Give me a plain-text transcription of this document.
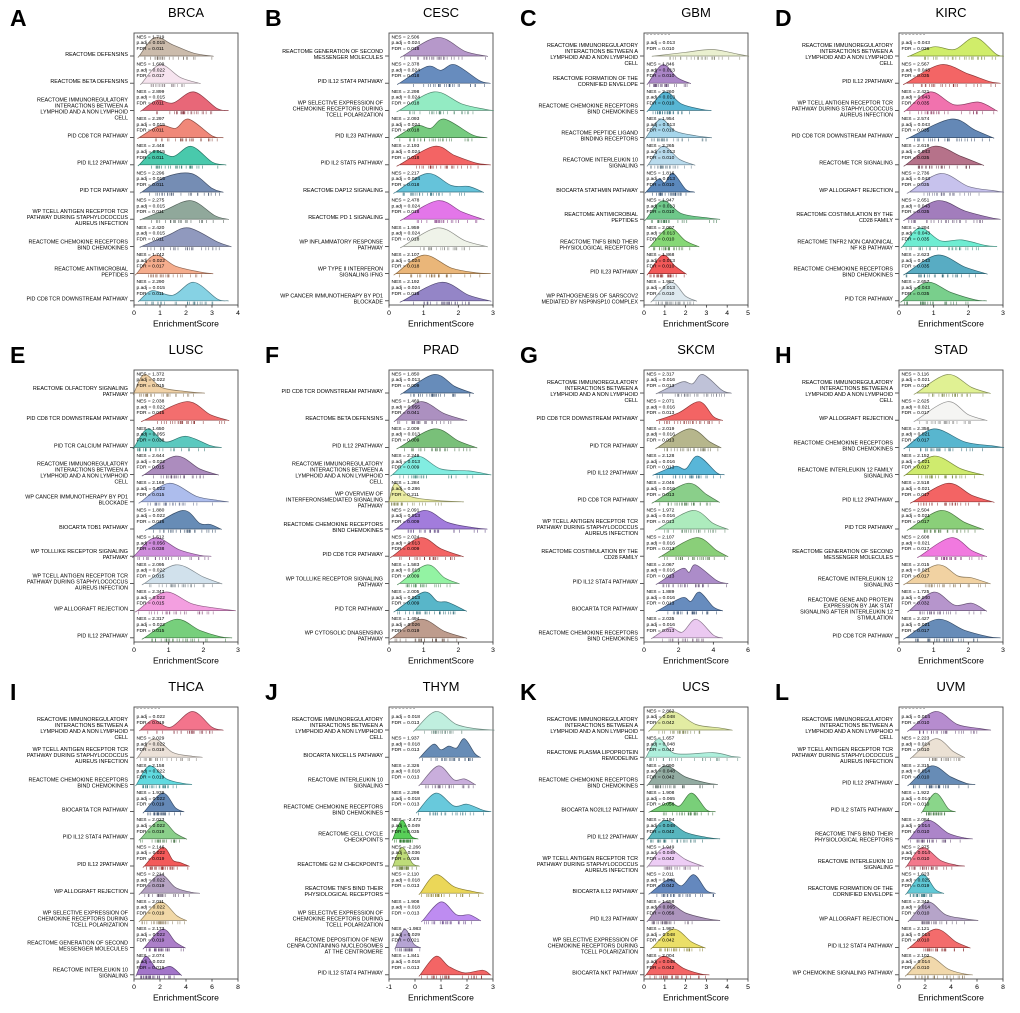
A	BRCA
NES = 1.719
p.adj = 0.015
FDR = 0.011
REACTOME DEFENSINS
NES = 1.609
p.adj = 0.022
FDR = 0.017
REACTOME BETA DEFENSINS
NES = 2.899
p.adj = 0.015
FDR = 0.011
REACTOME IMMUNOREGULATORY
INTERACTIONS BETWEEN A
LYMPHOID AND A NON LYMPHOID
CELL NES = 2.297
p.adj = 0.015
FDR = 0.011
PID CD8 TCR PATHWAY
NES = 2.448
p.adj = 0.015
FDR = 0.011
PID IL12 2PATHWAY
NES = 2.296
p.adj = 0.015
FDR = 0.011
PID TCR PATHWAY
NES = 2.275
p.adj = 0.015
FDR = 0.011
WP TCELL ANTIGEN RECEPTOR TCR
PATHWAY DURING STAPHYLOCOCCUS
AUREUS INFECTION
NES = 2.420
p.adj = 0.015
FDR = 0.011
REACTOME CHEMOKINE RECEPTORS
BIND CHEMOKINES
NES = 1.742
p.adj = 0.022
FDR = 0.017
REACTOME ANTIMICROBIAL
PEPTIDES
NES = 2.290
p.adj = 0.015
FDR = 0.011
PID CD8 TCR DOWNSTREAM PATHWAY
0	1	2	3	4
EnrichmentScore
B	CESC
NES = 2.506
p.adj = 0.024
FDR = 0.018
REACTOME GENERATION OF SECOND
MESSENGER MOLECULES
NES = 2.378
p.adj = 0.024
FDR = 0.018
PID IL12 STAT4 PATHWAY
NES = 2.298
p.adj = 0.024
FDR = 0.018
WP SELECTIVE EXPRESSION OF
CHEMOKINE RECEPTORS DURING
TCELL POLARIZATION
NES = 2.093
p.adj = 0.024
FDR = 0.018
PID IL23 PATHWAY
NES = 2.193
p.adj = 0.024
FDR = 0.018
PID IL2 STAT5 PATHWAY
NES = 2.217
p.adj = 0.024
FDR = 0.018
REACTOME DAP12 SIGNALING
NES = 2.478
p.adj = 0.024
FDR = 0.018
REACTOME PD 1 SIGNALING
NES = 1.959
p.adj = 0.024
FDR = 0.018
WP INFLAMMATORY RESPONSE
PATHWAY
NES = 2.107
p.adj = 0.024
FDR = 0.018
WP TYPE II INTERFERON
SIGNALING IFNG
NES = 2.192
p.adj = 0.024
FDR = 0.018
WP CANCER IMMUNOTHERAPY BY PD1
BLOCKADE
0	1	2	3
EnrichmentScore
C	GBM
p.adj = 0.013
FDR = 0.010
REACTOME IMMUNOREGULATORY
INTERACTIONS BETWEEN A
LYMPHOID AND A NON LYMPHOID
CELL NES = 1.846
p.adj = 0.013
FDR = 0.010
REACTOME FORMATION OF THE
CORNIFIED ENVELOPE
NES = 2.260
p.adj = 0.013
FDR = 0.010
REACTOME CHEMOKINE RECEPTORS
BIND CHEMOKINES
NES = 1.954
p.adj = 0.013
FDR = 0.010
REACTOME PEPTIDE LIGAND
BINDING RECEPTORS
NES = 2.265
p.adj = 0.013
FDR = 0.010
REACTOME INTERLEUKIN 10
SIGNALING
NES = 1.816
p.adj = 0.013
FDR = 0.010
BIOCARTA STATHMIN PATHWAY
NES = 1.947
p.adj = 0.013
FDR = 0.010
REACTOME ANTIMICROBIAL
PEPTIDES
NES = 2.007
p.adj = 0.013
FDR = 0.010
REACTOME TNFS BIND THEIR
PHYSIOLOGICAL RECEPTORS
NES = 1.868
p.adj = 0.013
FDR = 0.010
PID IL23 PATHWAY
NES = 1.987
p.adj = 0.013
FDR = 0.010
WP PATHOGENESIS OF SARSCOV2
MEDIATED BY NSP9NSP10 COMPLEX
0	1	2	3	4	5
EnrichmentScore
D	KIRC
p.adj = 0.043
FDR = 0.036
REACTOME IMMUNOREGULATORY
INTERACTIONS BETWEEN A
LYMPHOID AND A NON LYMPHOID
CELL NES = 2.567
p.adj = 0.043
FDR = 0.035
PID IL12 2PATHWAY
NES = 2.421
p.adj = 0.043
FDR = 0.035
WP TCELL ANTIGEN RECEPTOR TCR
PATHWAY DURING STAPHYLOCOCCUS
AUREUS INFECTION
NES = 2.574
p.adj = 0.043
FDR = 0.035
PID CD8 TCR DOWNSTREAM PATHWAY
NES = 2.619
p.adj = 0.043
FDR = 0.035
REACTOME TCR SIGNALING
NES = 2.736
p.adj = 0.043
FDR = 0.035
WP ALLOGRAFT REJECTION
NES = 2.651
p.adj = 0.043
FDR = 0.035
REACTOME COSTIMULATION BY THE
CD28 FAMILY
NES = 2.294
p.adj = 0.043
FDR = 0.035
REACTOME TNFR2 NON CANONICAL
NF KB PATHWAY
NES = 2.623
p.adj = 0.043
FDR = 0.035
REACTOME CHEMOKINE RECEPTORS
BIND CHEMOKINES
NES = 2.657
p.adj = 0.043
FDR = 0.035
PID TCR PATHWAY
0	1	2	3
EnrichmentScore
E	LUSC
NES = 1.372
p.adj = 0.022
FDR = 0.015
REACTOME OLFACTORY SIGNALING
PATHWAY
NES = 2.038
p.adj = 0.022
FDR = 0.015
PID CD8 TCR DOWNSTREAM PATHWAY
NES = 1.650
p.adj = 0.055
FDR = 0.038
PID TCR CALCIUM PATHWAY
NES = 2.644
p.adj = 0.022
FDR = 0.015
REACTOME IMMUNOREGULATORY
INTERACTIONS BETWEEN A
LYMPHOID AND A NON LYMPHOID
CELL NES = 2.168
p.adj = 0.022
FDR = 0.015
WP CANCER IMMUNOTHERAPY BY PD1
BLOCKADE
NES = 1.880
p.adj = 0.022
FDR = 0.016
BIOCARTA TOB1 PATHWAY
NES = 1.512
p.adj = 0.056
FDR = 0.038
WP TOLLLIKE RECEPTOR SIGNALING
PATHWAY
NES = 2.095
p.adj = 0.022
FDR = 0.015
WP TCELL ANTIGEN RECEPTOR TCR
PATHWAY DURING STAPHYLOCOCCUS
AUREUS INFECTION
NES = 2.343
p.adj = 0.022
FDR = 0.015
WP ALLOGRAFT REJECTION
NES = 2.317
p.adj = 0.022
FDR = 0.015
PID IL12 2PATHWAY
0	1	2	3
EnrichmentScore
F	PRAD
NES = 1.850
p.adj = 0.013
FDR = 0.009
PID CD8 TCR DOWNSTREAM PATHWAY
NES = 1.469
p.adj = 0.055
FDR = 0.041
REACTOME BETA DEFENSINS
NES = 2.009
p.adj = 0.013
FDR = 0.009
PID IL12 2PATHWAY
NES = 2.249
p.adj = 0.013
FDR = 0.009
REACTOME IMMUNOREGULATORY
INTERACTIONS BETWEEN A
LYMPHOID AND A NON LYMPHOID
CELL NES = 1.284
p.adj = 0.286
FDR = 0.211
WP OVERVIEW OF
INTERFERONSMEDIATED SIGNALING
PATHWAY
NES = 2.091
p.adj = 0.013
FDR = 0.009
REACTOME CHEMOKINE RECEPTORS
BIND CHEMOKINES
NES = 2.024
p.adj = 0.013
FDR = 0.009
PID CD8 TCR PATHWAY
NES = 1.583
p.adj = 0.013
FDR = 0.009
WP TOLLLIKE RECEPTOR SIGNALING
PATHWAY
NES = 2.005
p.adj = 0.013
FDR = 0.009
PID TCR PATHWAY
NES = 1.494
p.adj = 0.026
FDR = 0.019
WP CYTOSOLIC DNASENSING
PATHWAY
0	1	2	3
EnrichmentScore
G	SKCM
NES = 2.317
p.adj = 0.016
FDR = 0.013
REACTOME IMMUNOREGULATORY
INTERACTIONS BETWEEN A
LYMPHOID AND A NON LYMPHOID
CELL NES = 2.071
p.adj = 0.016
FDR = 0.013
PID CD8 TCR DOWNSTREAM PATHWAY
NES = 2.019
p.adj = 0.016
FDR = 0.013
PID TCR PATHWAY
NES = 2.128
p.adj = 0.016
FDR = 0.013
PID IL12 2PATHWAY
NES = 2.046
p.adj = 0.016
FDR = 0.013
PID CD8 TCR PATHWAY
NES = 1.972
p.adj = 0.016
FDR = 0.013
WP TCELL ANTIGEN RECEPTOR TCR
PATHWAY DURING STAPHYLOCOCCUS
AUREUS INFECTION
NES = 2.107
p.adj = 0.016
FDR = 0.013
REACTOME COSTIMULATION BY THE
CD28 FAMILY
NES = 2.067
p.adj = 0.016
FDR = 0.013
PID IL12 STAT4 PATHWAY
NES = 1.889
p.adj = 0.016
FDR = 0.013
BIOCARTA TCR PATHWAY
NES = 2.035
p.adj = 0.016
FDR = 0.013
REACTOME CHEMOKINE RECEPTORS
BIND CHEMOKINES
0	2	4	6
EnrichmentScore
H	STAD
NES = 3.116
p.adj = 0.021
FDR = 0.017
REACTOME IMMUNOREGULATORY
INTERACTIONS BETWEEN A
LYMPHOID AND A NON LYMPHOID
CELL NES = 2.625
p.adj = 0.021
FDR = 0.017
WP ALLOGRAFT REJECTION
NES = 2.358
p.adj = 0.021
FDR = 0.017
REACTOME CHEMOKINE RECEPTORS
BIND CHEMOKINES
NES = 2.152
p.adj = 0.021
FDR = 0.017
REACTOME INTERLEUKIN 12 FAMILY
SIGNALING
NES = 2.518
p.adj = 0.021
FDR = 0.017
PID IL12 2PATHWAY
NES = 2.504
p.adj = 0.021
FDR = 0.017
PID TCR PATHWAY
NES = 2.608
p.adj = 0.021
FDR = 0.017
REACTOME GENERATION OF SECOND
MESSENGER MOLECULES
NES = 2.015
p.adj = 0.021
FDR = 0.017
REACTOME INTERLEUKIN 12
SIGNALING
NES = 1.725
p.adj = 0.040
FDR = 0.032
REACTOME GENE AND PROTEIN
EXPRESSION BY JAK STAT
SIGNALING AFTER INTERLEUKIN 12
STIMULATION NES = 2.427
p.adj = 0.021
FDR = 0.017
PID CD8 TCR PATHWAY
0	1	2	3
EnrichmentScore
I	THCA
p.adj = 0.022
FDR = 0.019
REACTOME IMMUNOREGULATORY
INTERACTIONS BETWEEN A
LYMPHOID AND A NON LYMPHOID
CELL NES = 2.029
p.adj = 0.022
FDR = 0.019
WP TCELL ANTIGEN RECEPTOR TCR
PATHWAY DURING STAPHYLOCOCCUS
AUREUS INFECTION
NES = 2.158
p.adj = 0.022
FDR = 0.019
REACTOME CHEMOKINE RECEPTORS
BIND CHEMOKINES
NES = 1.939
p.adj = 0.022
FDR = 0.019
BIOCARTA TCR PATHWAY
NES = 2.023
p.adj = 0.022
FDR = 0.019
PID IL12 STAT4 PATHWAY
NES = 2.146
p.adj = 0.022
FDR = 0.019
PID IL12 2PATHWAY
NES = 2.214
p.adj = 0.022
FDR = 0.019
WP ALLOGRAFT REJECTION
NES = 2.011
p.adj = 0.022
FDR = 0.019
WP SELECTIVE EXPRESSION OF
CHEMOKINE RECEPTORS DURING
TCELL POLARIZATION
NES = 2.173
p.adj = 0.022
FDR = 0.019
REACTOME GENERATION OF SECOND
MESSENGER MOLECULES
NES = 2.074
p.adj = 0.022
FDR = 0.019
REACTOME INTERLEUKIN 10
SIGNALING
0	2	4	6	8
EnrichmentScore
J	THYM
p.adj = 0.018
FDR = 0.013
REACTOME IMMUNOREGULATORY
INTERACTIONS BETWEEN A
LYMPHOID AND A NON LYMPHOID
CELL NES = 1.937
p.adj = 0.018
FDR = 0.013
BIOCARTA NKCELLS PATHWAY
NES = 2.326
p.adj = 0.018
FDR = 0.013
REACTOME INTERLEUKIN 10
SIGNALING
NES = 2.298
p.adj = 0.018
FDR = 0.013
REACTOME CHEMOKINE RECEPTORS
BIND CHEMOKINES
NES = -2.472
p.adj = 0.049
FDR = 0.035
REACTOME CELL CYCLE
CHECKPOINTS
NES = -2.266
p.adj = 0.036
FDR = 0.026
REACTOME G2 M CHECKPOINTS
NES = 2.110
p.adj = 0.018
FDR = 0.013
REACTOME TNFS BIND THEIR
PHYSIOLOGICAL RECEPTORS
NES = 1.908
p.adj = 0.018
FDR = 0.013
WP SELECTIVE EXPRESSION OF
CHEMOKINE RECEPTORS DURING
TCELL POLARIZATION
NES = -1.983
p.adj = 0.029
FDR = 0.021
REACTOME DEPOSITION OF NEW
CENPA CONTAINING NUCLEOSOMES
AT THE CENTROMERE
NES = 1.841
p.adj = 0.018
FDR = 0.013
PID IL12 STAT4 PATHWAY
-1	0	1	2	3
EnrichmentScore
K	UCS
NES = 2.862
p.adj = 0.048
FDR = 0.042
REACTOME IMMUNOREGULATORY
INTERACTIONS BETWEEN A
LYMPHOID AND A NON LYMPHOID
CELL NES = 1.657
p.adj = 0.048
FDR = 0.042
REACTOME PLASMA LIPOPROTEIN
REMODELING
NES = 2.090
p.adj = 0.048
FDR = 0.042
REACTOME CHEMOKINE RECEPTORS
BIND CHEMOKINES
NES = 1.908
p.adj = 0.065
FDR = 0.056
BIOCARTA NO2IL12 PATHWAY
NES = 2.194
p.adj = 0.048
FDR = 0.042
PID IL12 2PATHWAY
NES = 1.949
p.adj = 0.048
FDR = 0.042
WP TCELL ANTIGEN RECEPTOR TCR
PATHWAY DURING STAPHYLOCOCCUS
AUREUS INFECTION
NES = 2.011
p.adj = 0.048
FDR = 0.042
BIOCARTA IL12 PATHWAY
NES = 1.658
p.adj = 0.065
FDR = 0.056
PID IL23 PATHWAY
NES = 1.987
p.adj = 0.048
FDR = 0.042
WP SELECTIVE EXPRESSION OF
CHEMOKINE RECEPTORS DURING
TCELL POLARIZATION
NES = 2.004
p.adj = 0.048
FDR = 0.042
BIOCARTA NKT PATHWAY
0	1	2	3	4	5
EnrichmentScore
L	UVM
p.adj = 0.014
FDR = 0.010
REACTOME IMMUNOREGULATORY
INTERACTIONS BETWEEN A
LYMPHOID AND A NON LYMPHOID
CELL NES = 2.223
p.adj = 0.014
FDR = 0.010
WP TCELL ANTIGEN RECEPTOR TCR
PATHWAY DURING STAPHYLOCOCCUS
AUREUS INFECTION
NES = 2.315
p.adj = 0.014
FDR = 0.010
PID IL12 2PATHWAY
NES = 1.922
p.adj = 0.014
FDR = 0.010
PID IL2 STAT5 PATHWAY
NES = 2.084
p.adj = 0.014
FDR = 0.010
REACTOME TNFS BIND THEIR
PHYSIOLOGICAL RECEPTORS
NES = 2.275
p.adj = 0.014
FDR = 0.010
REACTOME INTERLEUKIN 10
SIGNALING
NES = 1.623
p.adj = 0.025
FDR = 0.019
REACTOME FORMATION OF THE
CORNIFIED ENVELOPE
NES = 2.342
p.adj = 0.014
FDR = 0.010
WP ALLOGRAFT REJECTION
NES = 2.121
p.adj = 0.014
FDR = 0.010
PID IL12 STAT4 PATHWAY
NES = 2.102
p.adj = 0.014
FDR = 0.010
WP CHEMOKINE SIGNALING PATHWAY
0	2	4	6	8
EnrichmentScore
